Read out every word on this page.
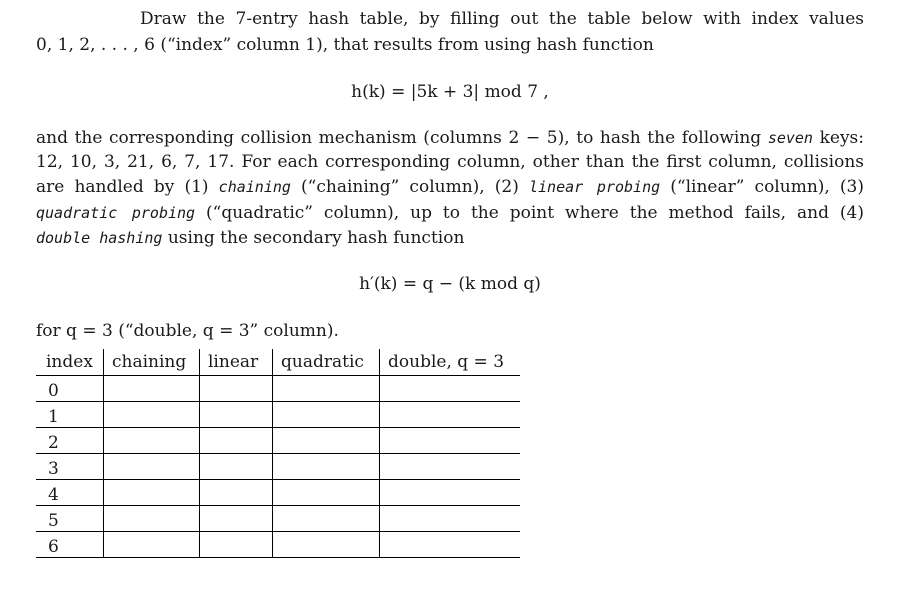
Draw the 7-entry hash table, by filling out the table below with index values
0, 1, 2, . . . , 6 (“index” column 1), that results from using hash function
h(k) = |5k + 3| mod 7 ,
and the corresponding collision mechanism (columns 2 − 5), to hash the following seven keys:
12, 10, 3, 21, 6, 7, 17. For each corresponding column, other than the first column, collisions
are handled by (1) chaining (“chaining” column), (2) linear probing (“linear” column), (3)
quadratic probing (“quadratic” column), up to the point where the method fails, and (4)
double hashing using the secondary hash function
h′(k) = q − (k mod q)
for q = 3 (“double, q = 3” column).
index	chaining	linear	quadratic	double, q = 3
0				
1				
2				
3				
4				
5				
6				
